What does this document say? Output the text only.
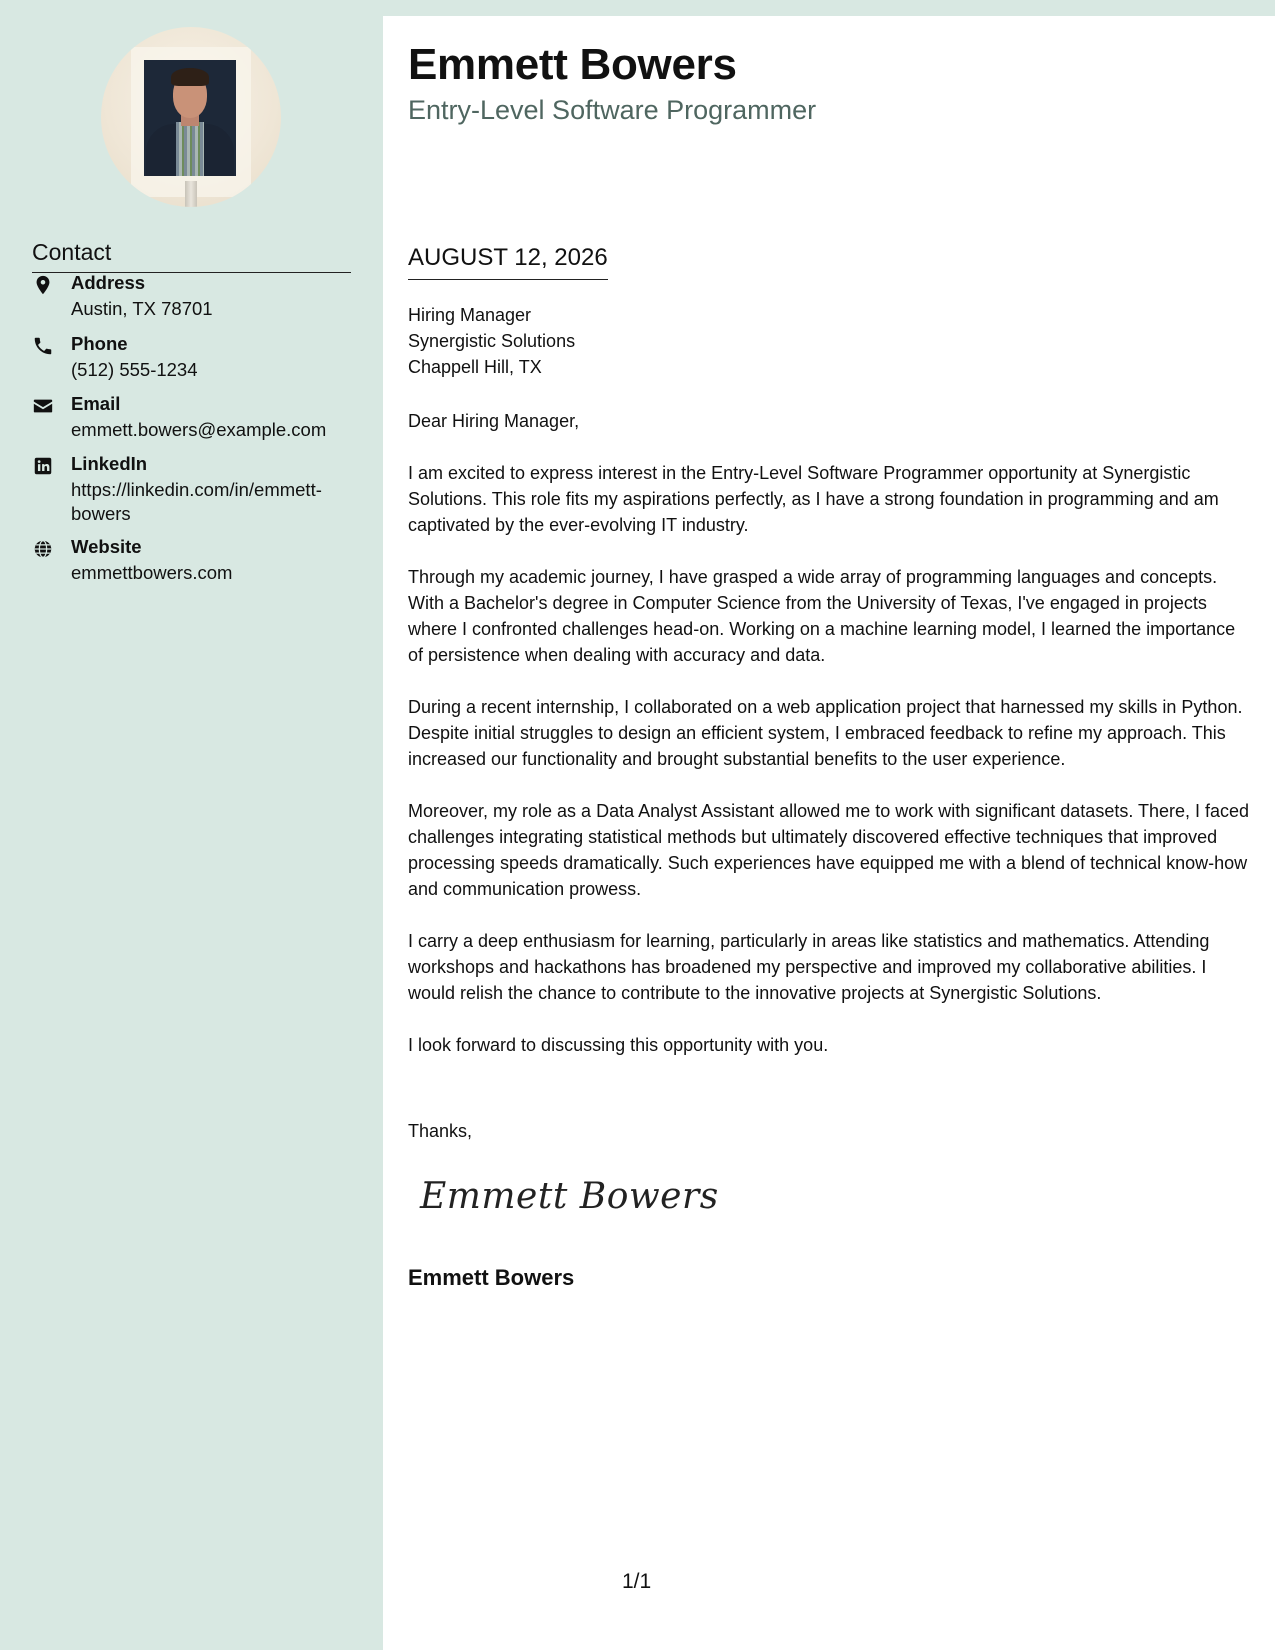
Contact
Address
Austin, TX 78701
Phone
(512) 555-1234
Email
emmett.bowers@example.com
LinkedIn
https://linkedin.com/in/emmett-bowers
Website
emmettbowers.com
Emmett Bowers
Entry-Level Software Programmer
AUGUST 12, 2026
Hiring Manager
Synergistic Solutions
Chappell Hill, TX

Dear Hiring Manager,

I am excited to express interest in the Entry-Level Software Programmer opportunity at Synergistic Solutions. This role fits my aspirations perfectly, as I have a strong foundation in programming and am captivated by the ever-evolving IT industry.

Through my academic journey, I have grasped a wide array of programming languages and concepts. With a Bachelor's degree in Computer Science from the University of Texas, I've engaged in projects where I confronted challenges head-on. Working on a machine learning model, I learned the importance of persistence when dealing with accuracy and data.

During a recent internship, I collaborated on a web application project that harnessed my skills in Python. Despite initial struggles to design an efficient system, I embraced feedback to refine my approach. This increased our functionality and brought substantial benefits to the user experience.

Moreover, my role as a Data Analyst Assistant allowed me to work with significant datasets. There, I faced challenges integrating statistical methods but ultimately discovered effective techniques that improved processing speeds dramatically. Such experiences have equipped me with a blend of technical know-how and communication prowess.

I carry a deep enthusiasm for learning, particularly in areas like statistics and mathematics. Attending workshops and hackathons has broadened my perspective and improved my collaborative abilities. I would relish the chance to contribute to the innovative projects at Synergistic Solutions.

I look forward to discussing this opportunity with you.

Thanks,
Emmett Bowers
Emmett Bowers
1/1
